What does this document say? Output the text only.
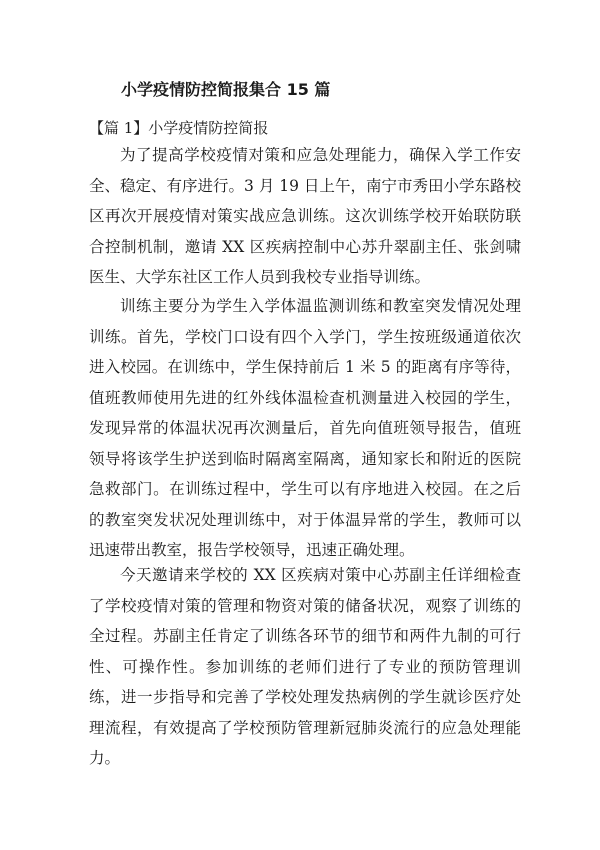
小学疫情防控简报集合 15 篇

【篇 1】小学疫情防控简报

为了提高学校疫情对策和应急处理能力，确保入学工作安全、稳定、有序进行。3 月 19 日上午，南宁市秀田小学东路校区再次开展疫情对策实战应急训练。这次训练学校开始联防联合控制机制，邀请 XX 区疾病控制中心苏升翠副主任、张剑啸医生、大学东社区工作人员到我校专业指导训练。

训练主要分为学生入学体温监测训练和教室突发情况处理训练。首先，学校门口设有四个入学门，学生按班级通道依次进入校园。在训练中，学生保持前后 1 米 5 的距离有序等待，值班教师使用先进的红外线体温检查机测量进入校园的学生，发现异常的体温状况再次测量后，首先向值班领导报告，值班领导将该学生护送到临时隔离室隔离，通知家长和附近的医院急救部门。在训练过程中，学生可以有序地进入校园。在之后的教室突发状况处理训练中，对于体温异常的学生，教师可以迅速带出教室，报告学校领导，迅速正确处理。

今天邀请来学校的 XX 区疾病对策中心苏副主任详细检查了学校疫情对策的管理和物资对策的储备状况，观察了训练的全过程。苏副主任肯定了训练各环节的细节和两件九制的可行性、可操作性。参加训练的老师们进行了专业的预防管理训练，进一步指导和完善了学校处理发热病例的学生就诊医疗处理流程，有效提高了学校预防管理新冠肺炎流行的应急处理能力。
